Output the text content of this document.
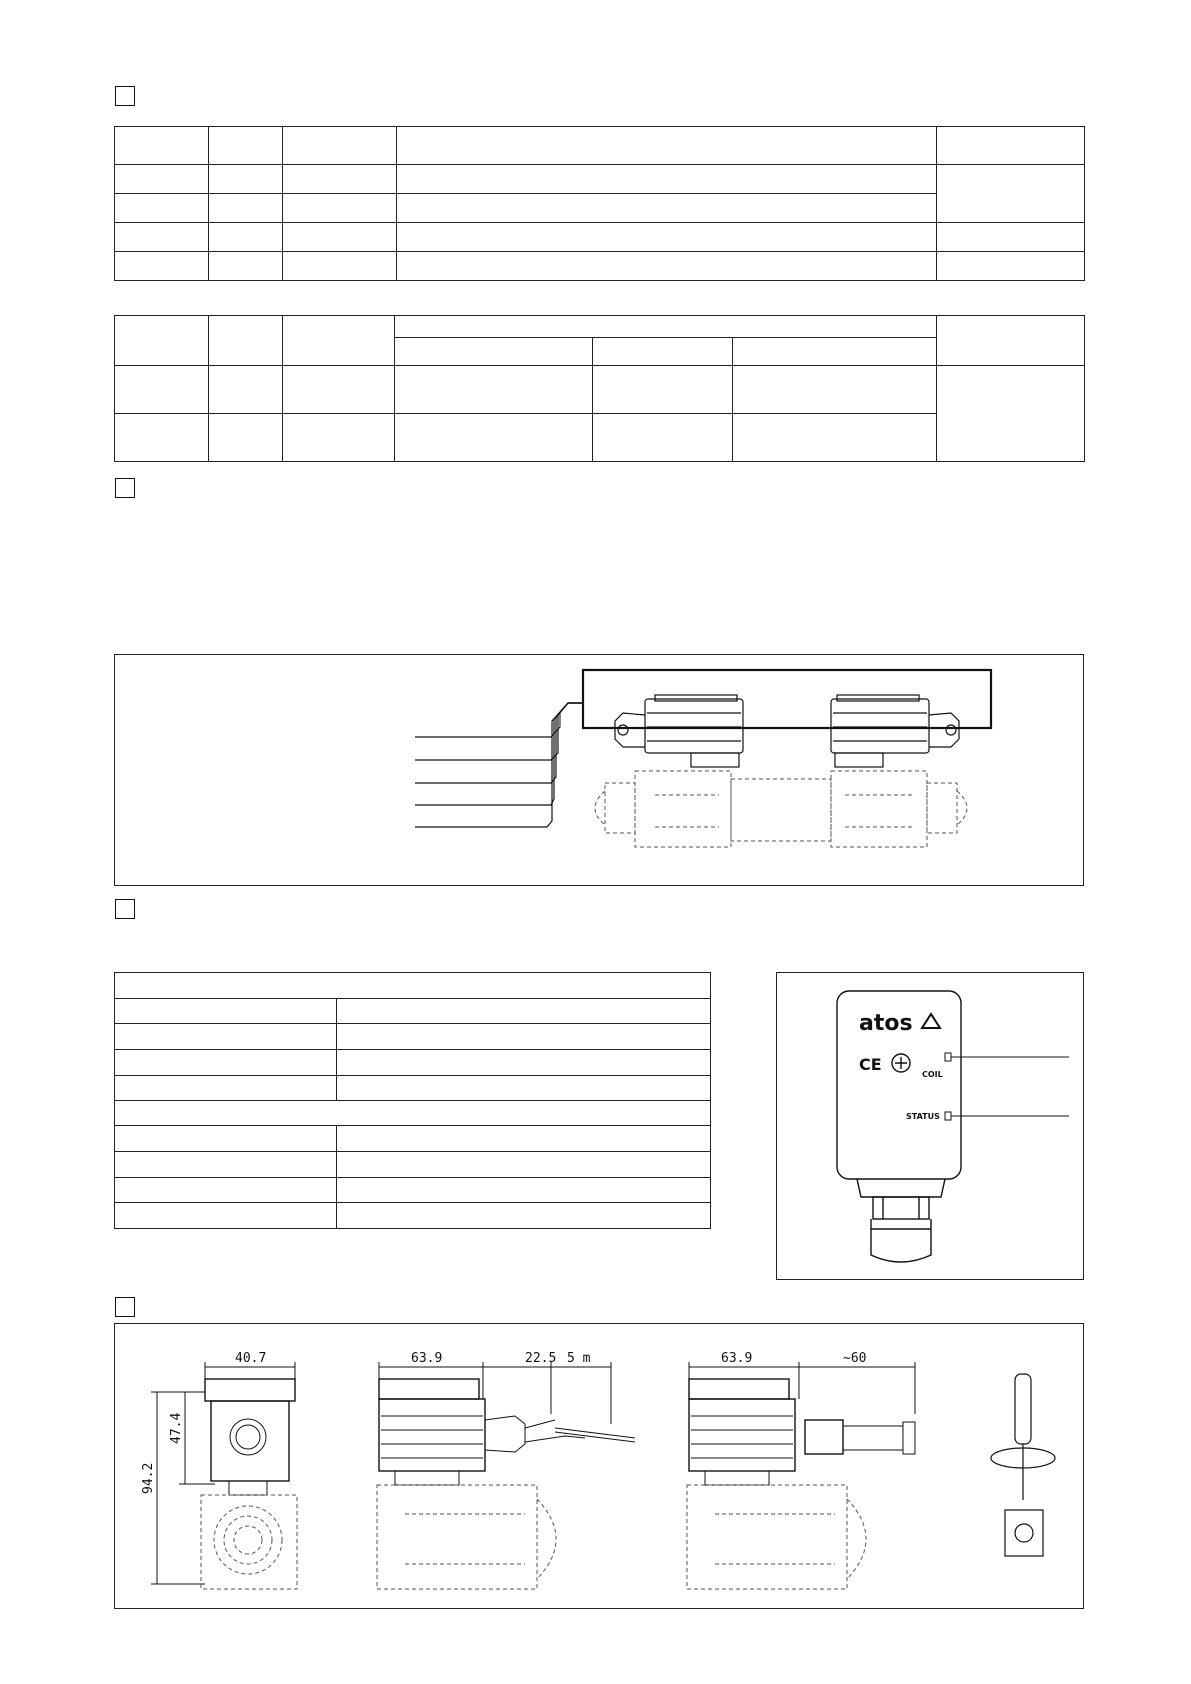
atos
CE
COIL
STATUS
40.7
47.4
94.2
63.9	22.5 5 m	63.9	~60
